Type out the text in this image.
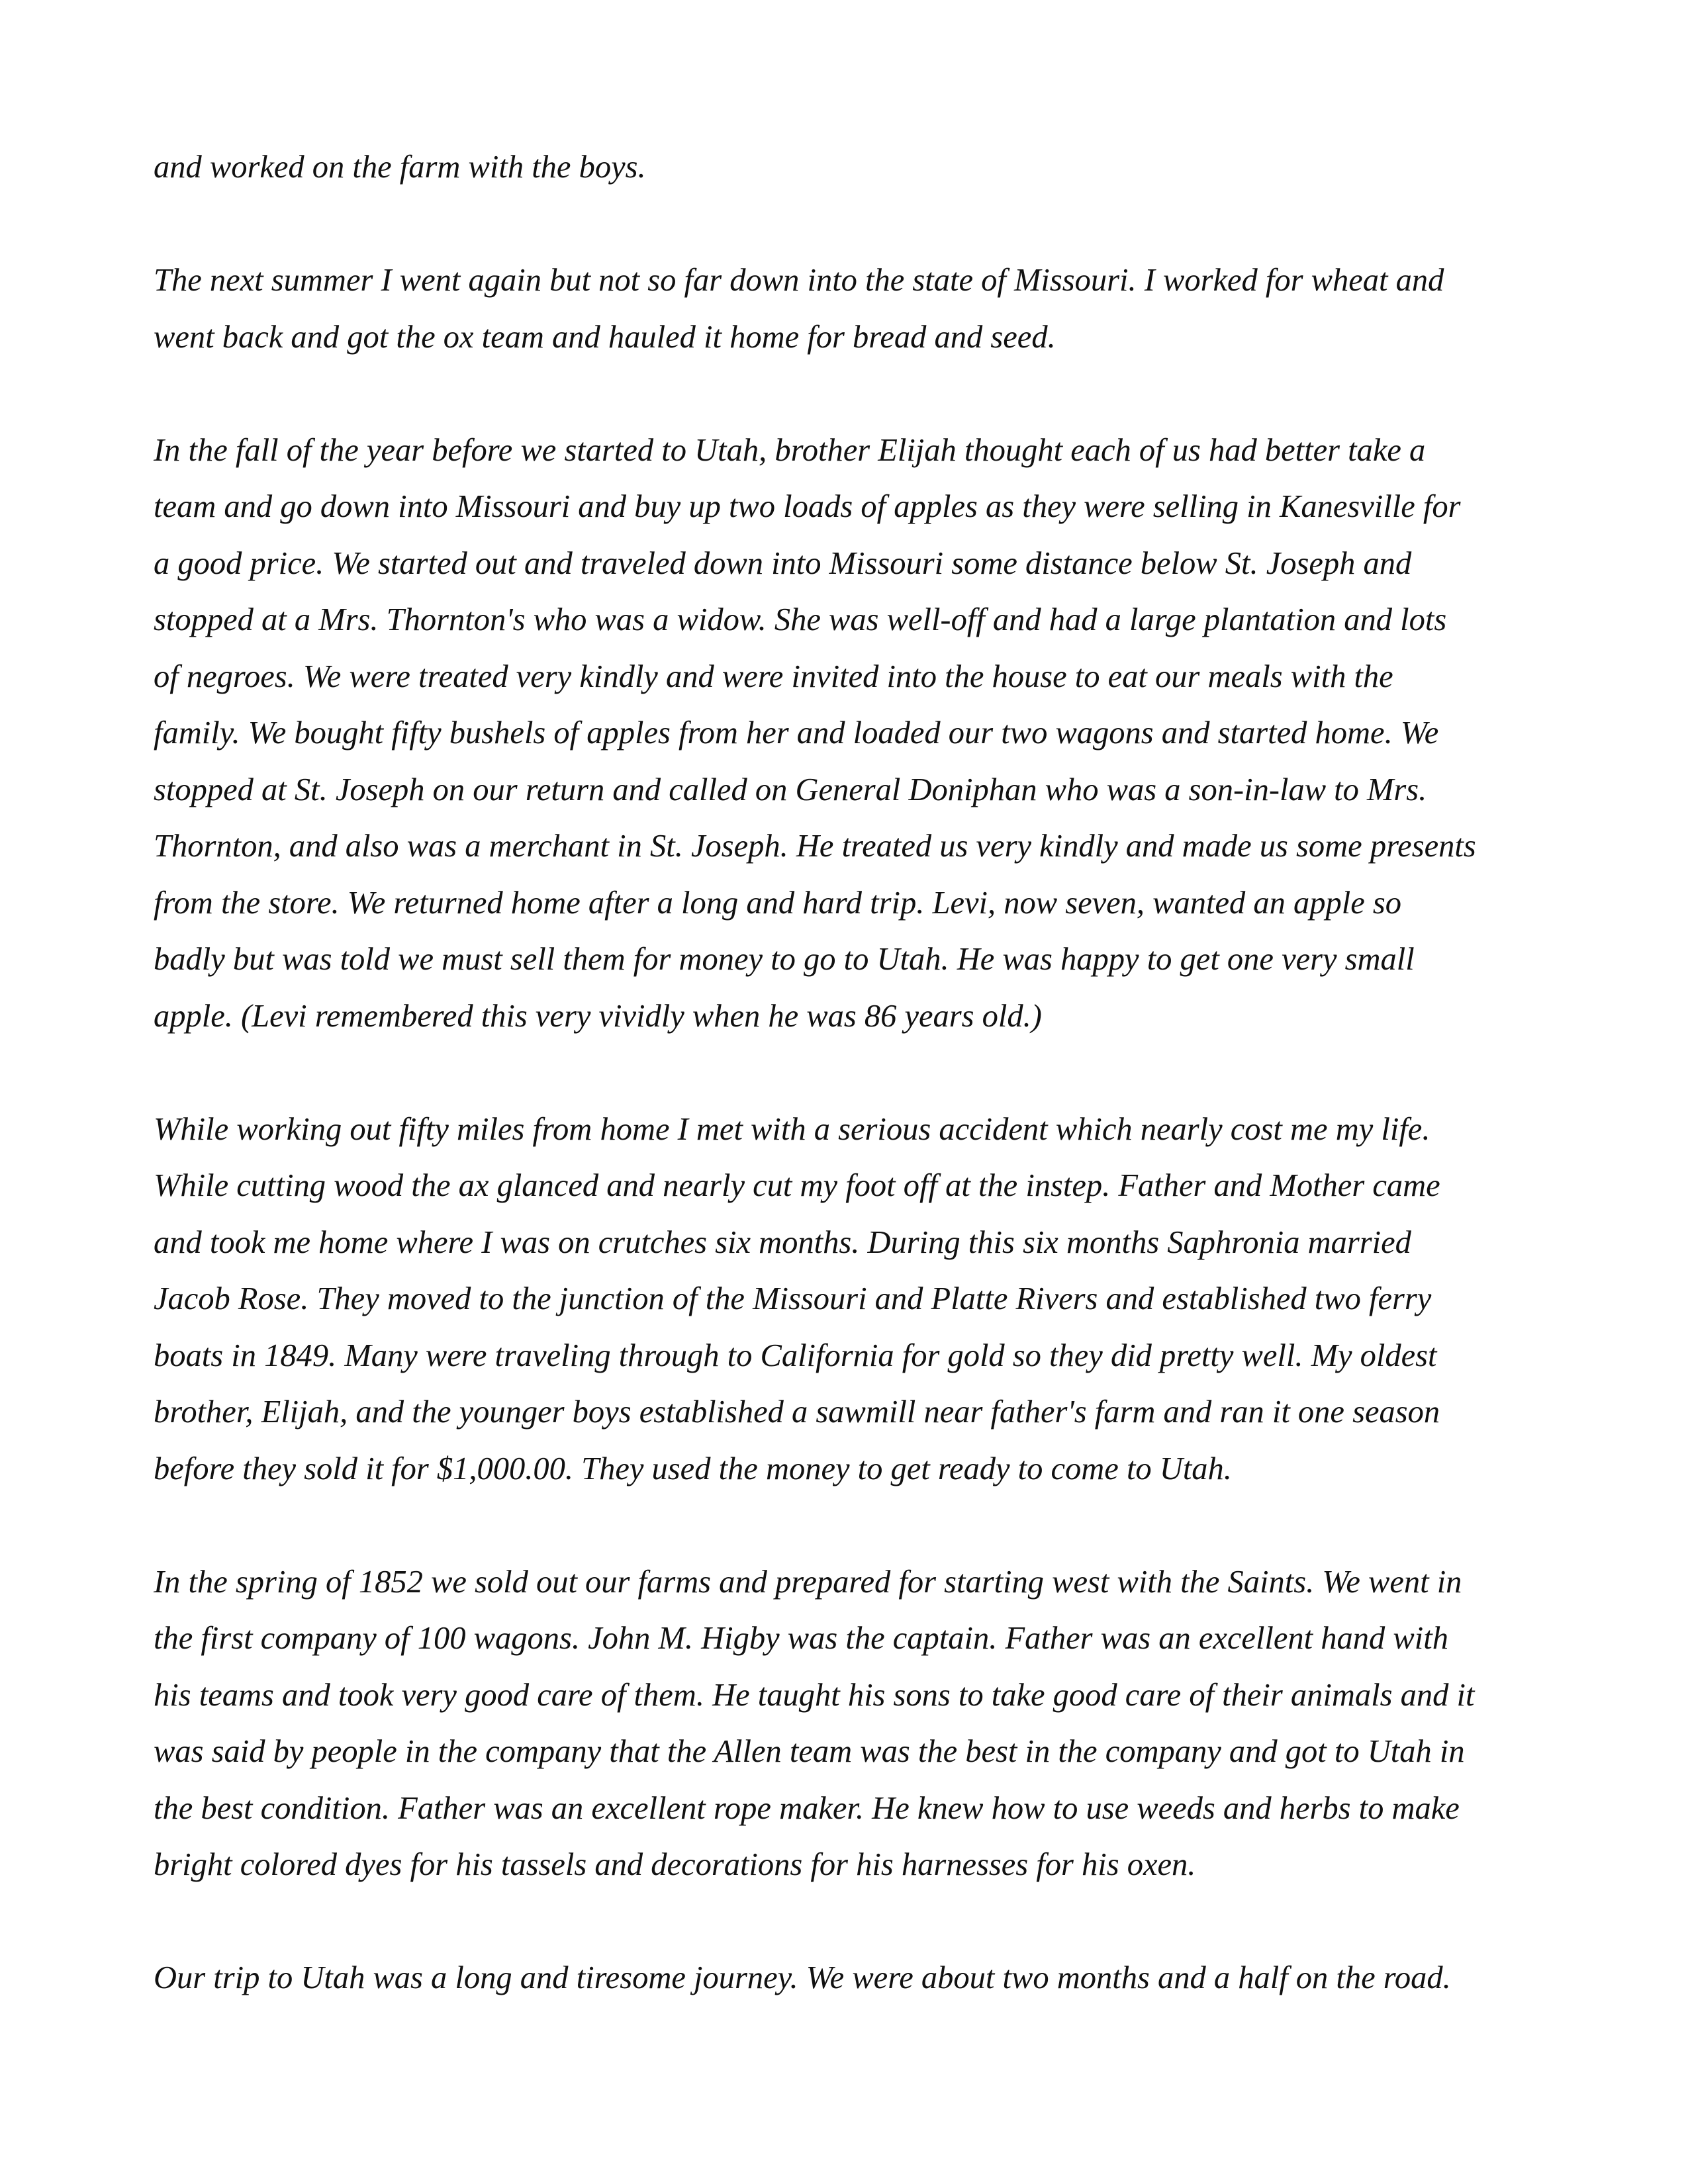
and worked on the farm with the boys.

The next summer I went again but not so far down into the state of Missouri. I worked for wheat and
went back and got the ox team and hauled it home for bread and seed.

In the fall of the year before we started to Utah, brother Elijah thought each of us had better take a
team and go down into Missouri and buy up two loads of apples as they were selling in Kanesville for
a good price. We started out and traveled down into Missouri some distance below St. Joseph and
stopped at a Mrs. Thornton's who was a widow. She was well-off and had a large plantation and lots
of negroes. We were treated very kindly and were invited into the house to eat our meals with the
family. We bought fifty bushels of apples from her and loaded our two wagons and started home. We
stopped at St. Joseph on our return and called on General Doniphan who was a son-in-law to Mrs.
Thornton, and also was a merchant in St. Joseph. He treated us very kindly and made us some presents
from the store. We returned home after a long and hard trip. Levi, now seven, wanted an apple so
badly but was told we must sell them for money to go to Utah. He was happy to get one very small
apple. (Levi remembered this very vividly when he was 86 years old.)

While working out fifty miles from home I met with a serious accident which nearly cost me my life.
While cutting wood the ax glanced and nearly cut my foot off at the instep. Father and Mother came
and took me home where I was on crutches six months. During this six months Saphronia married
Jacob Rose. They moved to the junction of the Missouri and Platte Rivers and established two ferry
boats in 1849. Many were traveling through to California for gold so they did pretty well. My oldest
brother, Elijah, and the younger boys established a sawmill near father's farm and ran it one season
before they sold it for $1,000.00. They used the money to get ready to come to Utah.

In the spring of 1852 we sold out our farms and prepared for starting west with the Saints. We went in
the first company of 100 wagons. John M. Higby was the captain. Father was an excellent hand with
his teams and took very good care of them. He taught his sons to take good care of their animals and it
was said by people in the company that the Allen team was the best in the company and got to Utah in
the best condition. Father was an excellent rope maker. He knew how to use weeds and herbs to make
bright colored dyes for his tassels and decorations for his harnesses for his oxen.

Our trip to Utah was a long and tiresome journey. We were about two months and a half on the road.
